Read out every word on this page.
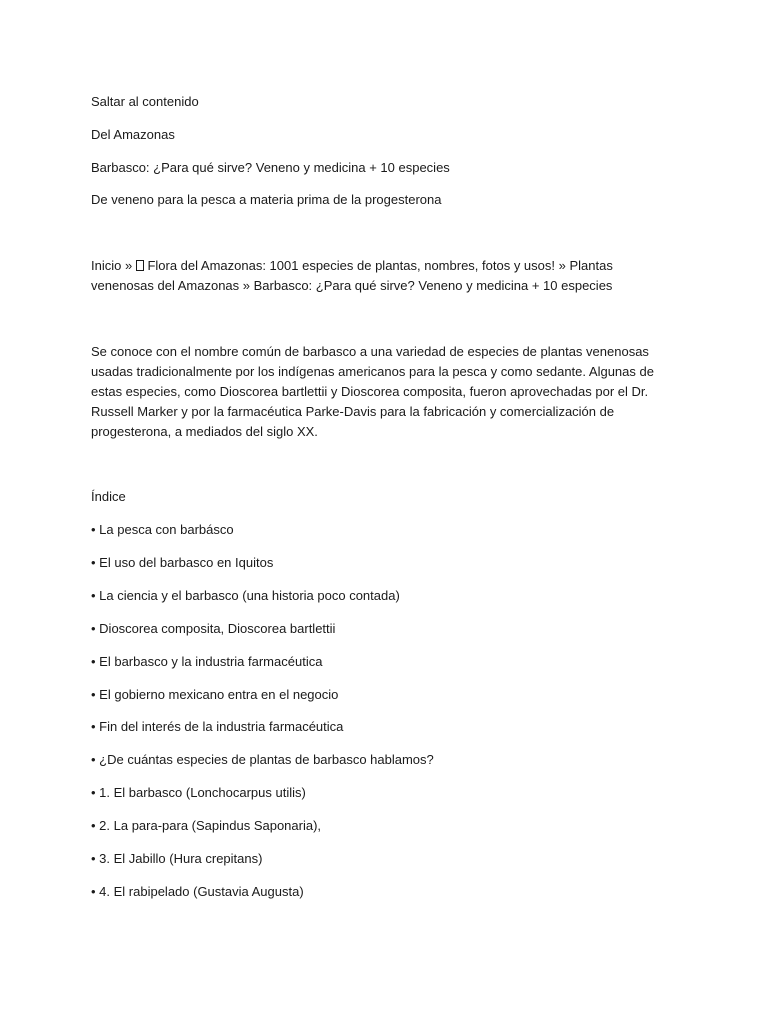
Saltar al contenido
Del Amazonas
Barbasco: ¿Para qué sirve? Veneno y medicina + 10 especies
De veneno para la pesca a materia prima de la progesterona
Inicio »  Flora del Amazonas: 1001 especies de plantas, nombres, fotos y usos! » Plantas venenosas del Amazonas » Barbasco: ¿Para qué sirve? Veneno y medicina + 10 especies
Se conoce con el nombre común de barbasco a una variedad de especies de plantas venenosas usadas tradicionalmente por los indígenas americanos para la pesca y como sedante. Algunas de estas especies, como Dioscorea bartlettii y Dioscorea composita, fueron aprovechadas por el Dr. Russell Marker y por la farmacéutica Parke-Davis para la fabricación y comercialización de progesterona, a mediados del siglo XX.
Índice
• La pesca con barbásco
• El uso del barbasco en Iquitos
• La ciencia y el barbasco (una historia poco contada)
• Dioscorea composita, Dioscorea bartlettii
• El barbasco y la industria farmacéutica
• El gobierno mexicano entra en el negocio
• Fin del interés de la industria farmacéutica
• ¿De cuántas especies de plantas de barbasco hablamos?
• 1. El barbasco (Lonchocarpus utilis)
• 2. La para-para (Sapindus Saponaria),
• 3. El Jabillo (Hura crepitans)
• 4. El rabipelado (Gustavia Augusta)
